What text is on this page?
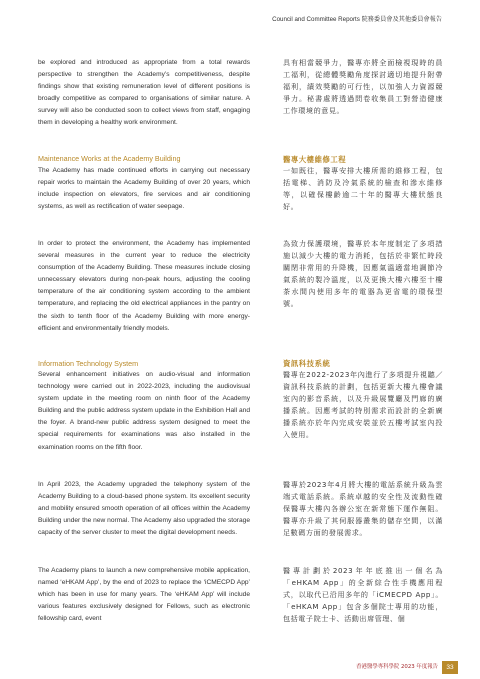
Council and Committee Reports 院務委員會及其他委員會報告

be explored and introduced as appropriate from a total rewards perspective to strengthen the Academy’s competitiveness, despite findings show that existing remuneration level of different positions is broadly competitive as compared to organisations of similar nature. A survey will also be conducted soon to collect views from staff, engaging them in developing a healthy work environment.

Maintenance Works at the Academy Building

The Academy has made continued efforts in carrying out necessary repair works to maintain the Academy Building of over 20 years, which include inspection on elevators, fire services and air conditioning systems, as well as rectification of water seepage.

In order to protect the environment, the Academy has implemented several measures in the current year to reduce the electricity consumption of the Academy Building. These measures include closing unnecessary elevators during non-peak hours, adjusting the cooling temperature of the air conditioning system according to the ambient temperature, and replacing the old electrical appliances in the pantry on the sixth to tenth floor of the Academy Building with more energy-efficient and environmentally friendly models.

Information Technology System

Several enhancement initiatives on audio-visual and information technology were carried out in 2022-2023, including the audiovisual system update in the meeting room on ninth floor of the Academy Building and the public address system update in the Exhibition Hall and the foyer. A brand-new public address system designed to meet the special requirements for examinations was also installed in the examination rooms on the fifth floor.

In April 2023, the Academy upgraded the telephony system of the Academy Building to a cloud-based phone system. Its excellent security and mobility ensured smooth operation of all offices within the Academy Building under the new normal. The Academy also upgraded the storage capacity of the server cluster to meet the digital development needs.

The Academy plans to launch a new comprehensive mobile application, named ‘eHKAM App’, by the end of 2023 to replace the ‘iCMECPD App’ which has been in use for many years. The ‘eHKAM App’ will include various features exclusively designed for Fellows, such as electronic fellowship card, event

具有相當競爭力，醫專亦將全面檢視現時的員工福利，從總體獎勵角度探討適切地提升附帶福利，績效獎勵的可行性，以加強人力資源競爭力。秘書處將透過問卷收集員工對營造健康工作環境的意見。

醫專大樓維修工程

一如既往，醫專安排大樓所需的維修工程，包括電梯、消防及冷氣系統的檢查和滲水維修等，以確保樓齡逾二十年的醫專大樓狀態良好。

為致力保護環境，醫專於本年度制定了多項措施以減少大樓的電力消耗，包括於非繁忙時段關閉非常用的升降機，因應氣溫適當地調節冷氣系統的製冷溫度，以及更換大樓六樓至十樓茶水間內使用多年的電器為更省電的環保型號。

資訊科技系統

醫專在2022-2023年內進行了多項提升視聽／資訊科技系統的計劃，包括更新大樓九樓會議室內的影音系統，以及升級展覽廳及門廊的廣播系統。因應考試的特別需求而設計的全新廣播系統亦於年內完成安裝並於五樓考試室內投入使用。

醫專於2023年4月將大樓的電話系統升級為雲端式電話系統。系統卓越的安全性及流動性確保醫專大樓內各辦公室在新常態下運作無阻。醫專亦升級了其伺服器叢集的儲存空間，以滿足數碼方面的發展需求。

醫專計劃於2023年年底推出一個名為「eHKAM App」的全新綜合性手機應用程式，以取代已沿用多年的「iCMECPD App」。「eHKAM App」包含多個院士專用的功能，包括電子院士卡、活動出席管理、個

香港醫學專科學院 2023 年度報告	33
